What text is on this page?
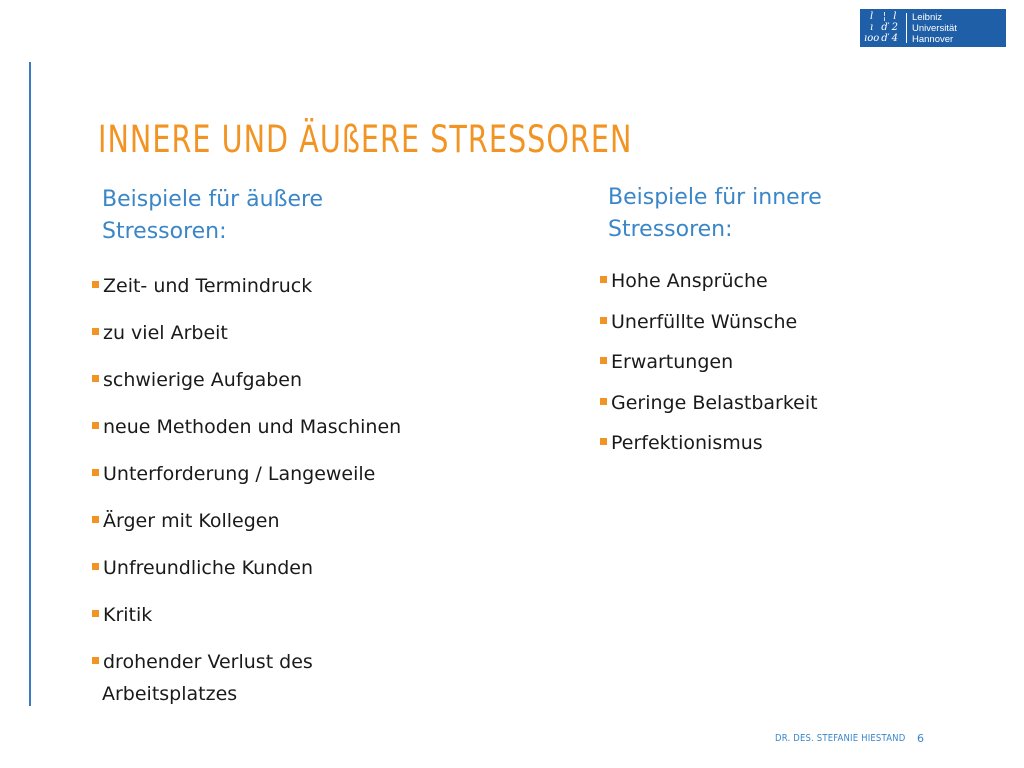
l ¦ l
ı ď 2
ıoo ď 4
Leibniz
Universität
Hannover
INNERE UND ÄUßERE STRESSOREN
Beispiele für äußere Stressoren:
Beispiele für innere Stressoren:
Zeit- und Termindruck
zu viel Arbeit
schwierige Aufgaben
neue Methoden und Maschinen
Unterforderung / Langeweile
Ärger mit Kollegen
Unfreundliche Kunden
Kritik
drohender Verlust des
Arbeitsplatzes
Hohe Ansprüche
Unerfüllte Wünsche
Erwartungen
Geringe Belastbarkeit
Perfektionismus
DR. DES. STEFANIE HIESTAND 6
